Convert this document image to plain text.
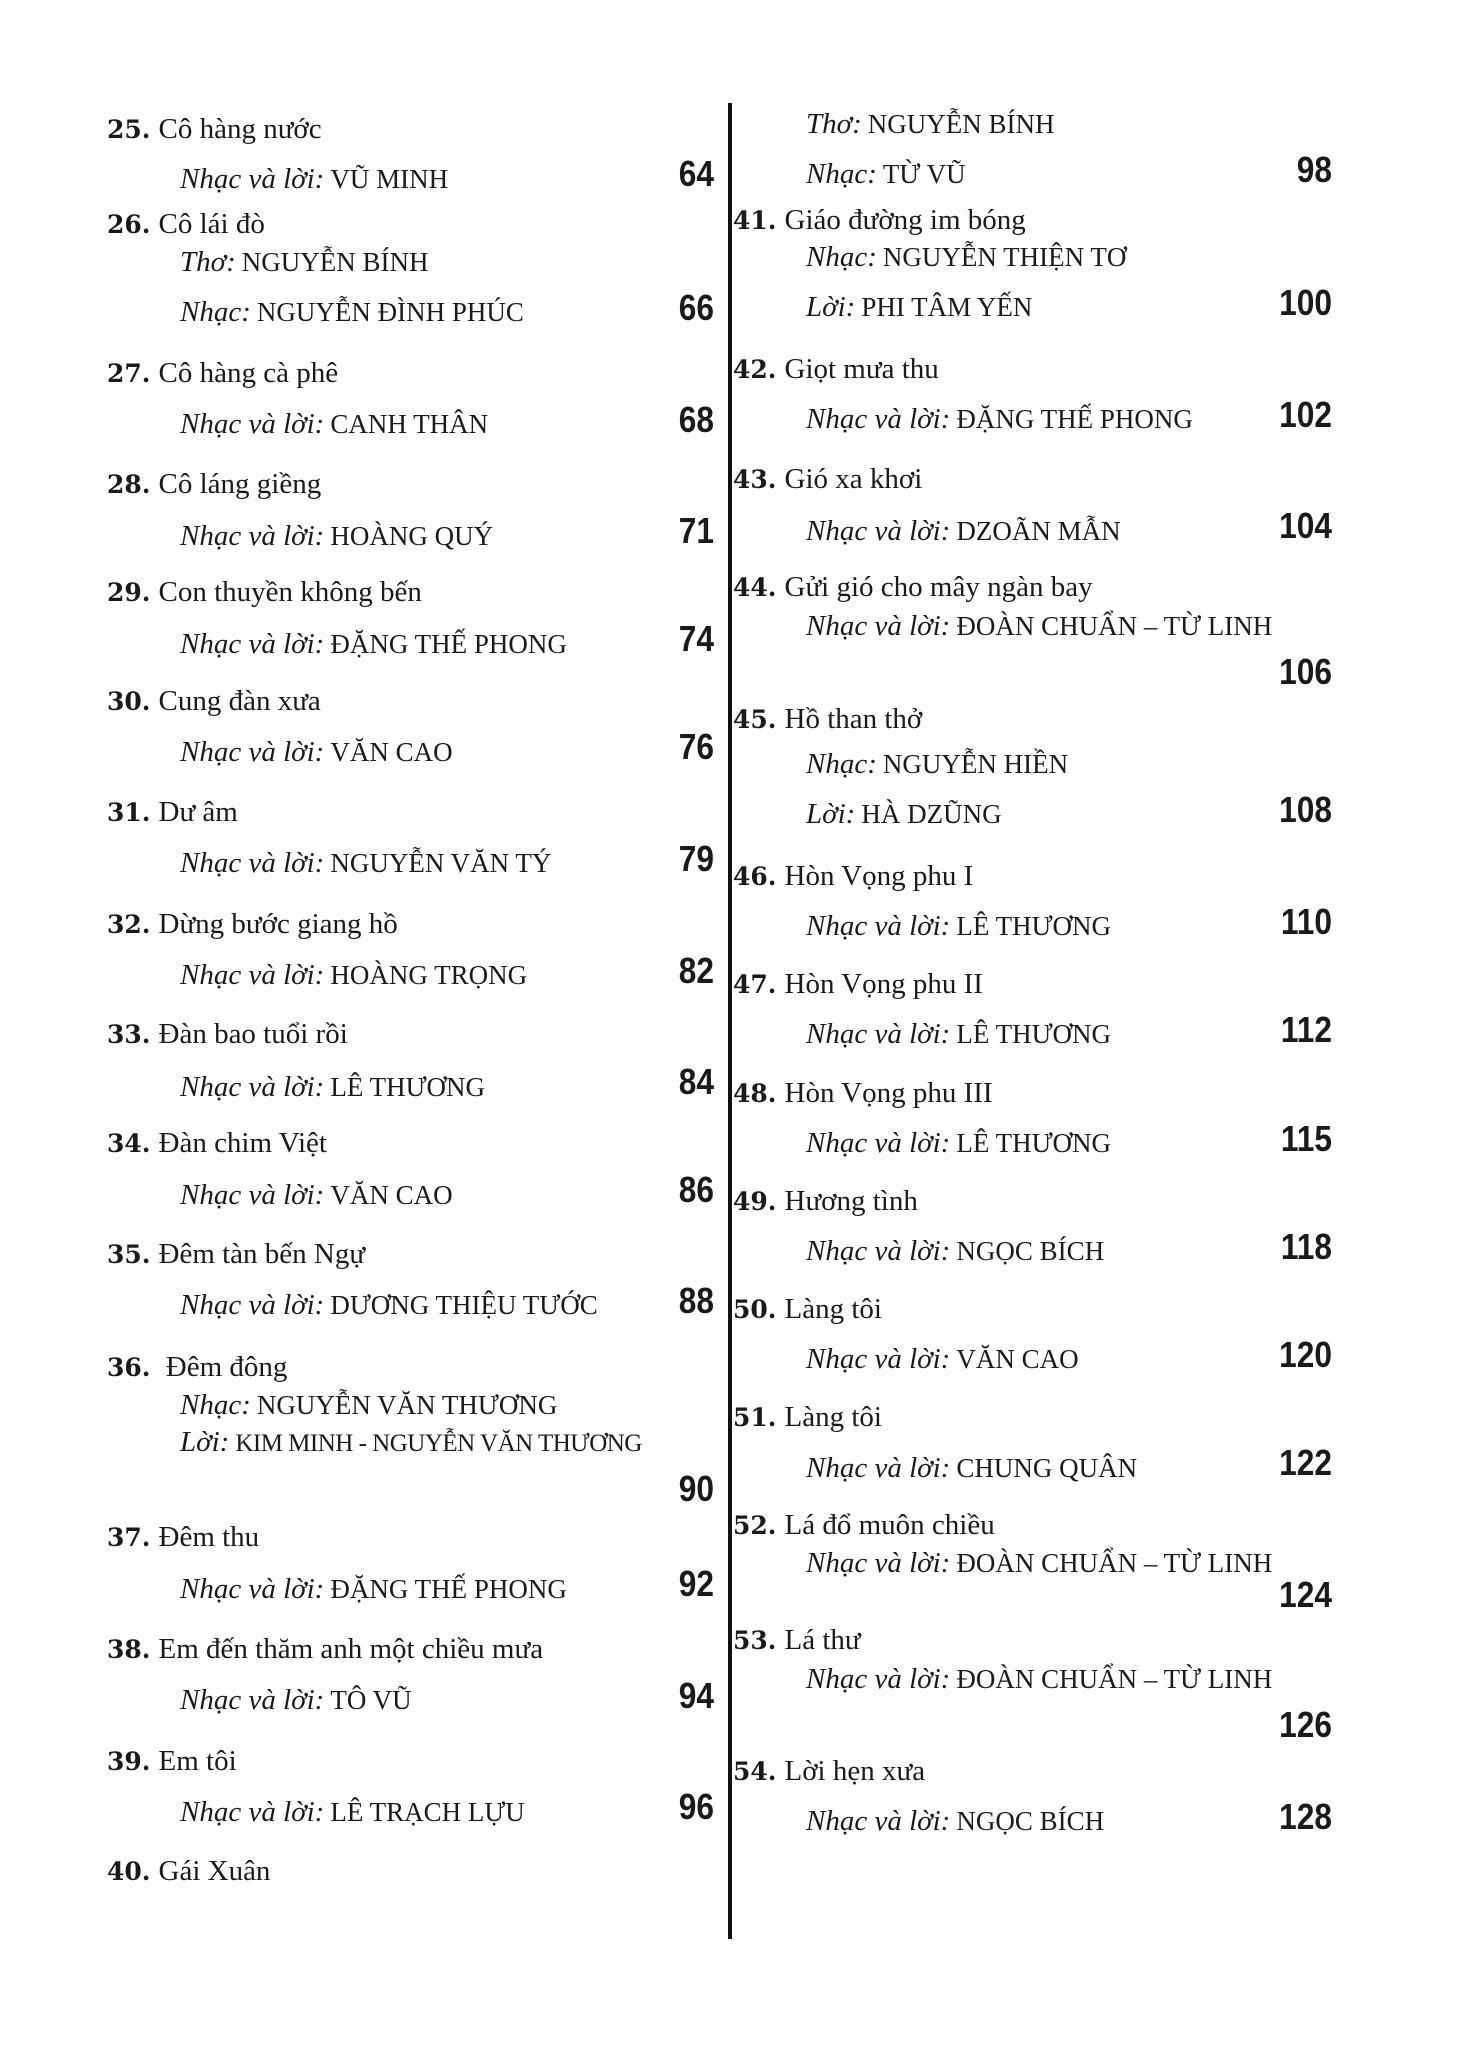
25. Cô hàng nước
Nhạc và lời: VŨ MINH	64
26. Cô lái đò
Thơ: NGUYỄN BÍNH
Nhạc: NGUYỄN ĐÌNH PHÚC	66
27. Cô hàng cà phê
Nhạc và lời: CANH THÂN	68
28. Cô láng giềng
Nhạc và lời: HOÀNG QUÝ	71
29. Con thuyền không bến
Nhạc và lời: ĐẶNG THẾ PHONG	74
30. Cung đàn xưa
Nhạc và lời: VĂN CAO	76
31. Dư âm
Nhạc và lời: NGUYỄN VĂN TÝ	79
32. Dừng bước giang hồ
Nhạc và lời: HOÀNG TRỌNG	82
33. Đàn bao tuổi rồi
Nhạc và lời: LÊ THƯƠNG	84
34. Đàn chim Việt
Nhạc và lời: VĂN CAO	86
35. Đêm tàn bến Ngự
Nhạc và lời: DƯƠNG THIỆU TƯỚC	88
36. Đêm đông
Nhạc: NGUYỄN VĂN THƯƠNG
Lời: KIM MINH - NGUYỄN VĂN THƯƠNG
90
37. Đêm thu
Nhạc và lời: ĐẶNG THẾ PHONG	92
38. Em đến thăm anh một chiều mưa
Nhạc và lời: TÔ VŨ	94
39. Em tôi
Nhạc và lời: LÊ TRẠCH LỰU	96
40. Gái Xuân
Thơ: NGUYỄN BÍNH
Nhạc: TỪ VŨ	98
41. Giáo đường im bóng
Nhạc: NGUYỄN THIỆN TƠ
Lời: PHI TÂM YẾN	100
42. Giọt mưa thu
Nhạc và lời: ĐẶNG THẾ PHONG	102
43. Gió xa khơi
Nhạc và lời: DZOÃN MẪN	104
44. Gửi gió cho mây ngàn bay
Nhạc và lời: ĐOÀN CHUẨN – TỪ LINH
106
45. Hồ than thở
Nhạc: NGUYỄN HIỀN
Lời: HÀ DZŨNG	108
46. Hòn Vọng phu I
Nhạc và lời: LÊ THƯƠNG	110
47. Hòn Vọng phu II
Nhạc và lời: LÊ THƯƠNG	112
48. Hòn Vọng phu III
Nhạc và lời: LÊ THƯƠNG	115
49. Hương tình
Nhạc và lời: NGỌC BÍCH	118
50. Làng tôi
Nhạc và lời: VĂN CAO	120
51. Làng tôi
Nhạc và lời: CHUNG QUÂN	122
52. Lá đổ muôn chiều
Nhạc và lời: ĐOÀN CHUẨN – TỪ LINH
124
53. Lá thư
Nhạc và lời: ĐOÀN CHUẨN – TỪ LINH
126
54. Lời hẹn xưa
Nhạc và lời: NGỌC BÍCH	128
